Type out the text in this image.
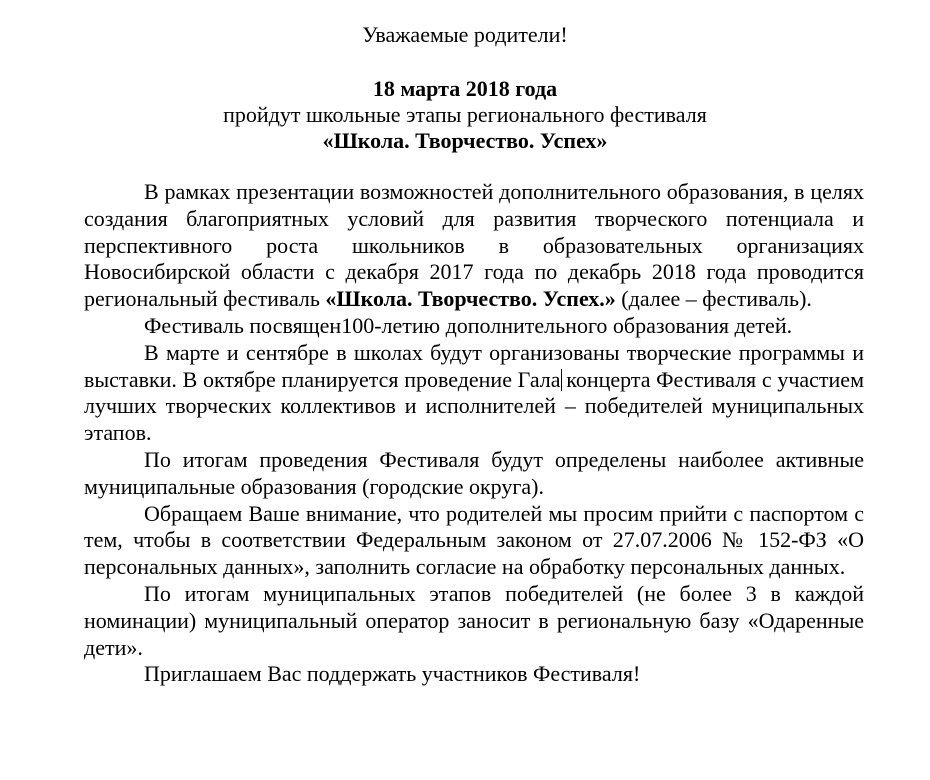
Уважаемые родители!
18 марта 2018 года
пройдут школьные этапы регионального фестиваля
«Школа. Творчество. Успех»

В рамках презентации возможностей дополнительного образования, в целях создания благоприятных условий для развития творческого потенциала и перспективного роста школьников в образовательных организациях Новосибирской области с декабря 2017 года по декабрь 2018 года проводится региональный фестиваль «Школа. Творчество. Успех.» (далее – фестиваль).

Фестиваль посвящен100-летию дополнительного образования детей.

В марте и сентябре в школах будут организованы творческие программы и выставки. В октябре планируется проведение Гала концерта Фестиваля с участием лучших творческих коллективов и исполнителей – победителей муниципальных этапов.

По итогам проведения Фестиваля будут определены наиболее активные муниципальные образования (городские округа).

Обращаем Ваше внимание, что родителей мы просим прийти с паспортом с тем, чтобы в соответствии Федеральным законом от 27.07.2006 № 152-ФЗ «О персональных данных», заполнить согласие на обработку персональных данных.

По итогам муниципальных этапов победителей (не более 3 в каждой номинации) муниципальный оператор заносит в региональную базу «Одаренные дети».

Приглашаем Вас поддержать участников Фестиваля!
